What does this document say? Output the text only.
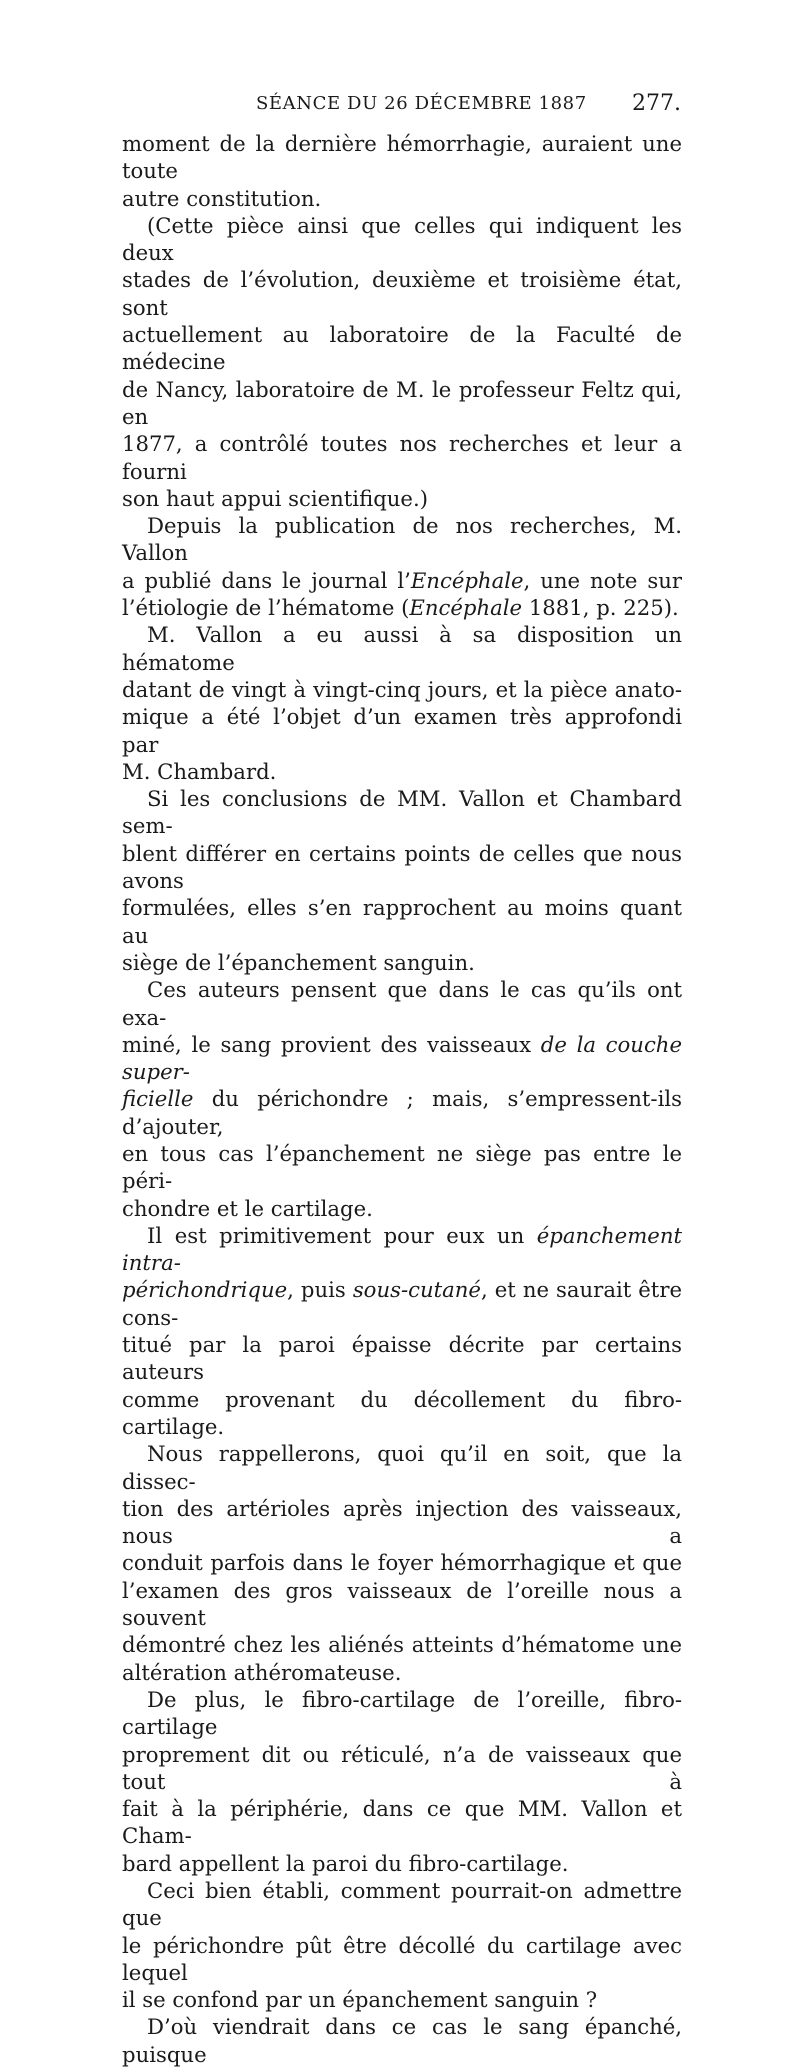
SÉANCE DU 26 DÉCEMBRE 1887 277.

moment de la dernière hémorrhagie, auraient une toute

autre constitution.

(Cette pièce ainsi que celles qui indiquent les deux

stades de l’évolution, deuxième et troisième état, sont

actuellement au laboratoire de la Faculté de médecine

de Nancy, laboratoire de M. le professeur Feltz qui, en

1877, a contrôlé toutes nos recherches et leur a fourni

son haut appui scientifique.)

Depuis la publication de nos recherches, M. Vallon

a publié dans le journal l’Encéphale, une note sur

l’étiologie de l’hématome (Encéphale 1881, p. 225).

M. Vallon a eu aussi à sa disposition un hématome

datant de vingt à vingt-cinq jours, et la pièce anato-

mique a été l’objet d’un examen très approfondi par

M. Chambard.

Si les conclusions de MM. Vallon et Chambard sem-

blent différer en certains points de celles que nous avons

formulées, elles s’en rapprochent au moins quant au

siège de l’épanchement sanguin.

Ces auteurs pensent que dans le cas qu’ils ont exa-

miné, le sang provient des vaisseaux de la couche super-

ficielle du périchondre ; mais, s’empressent-ils d’ajouter,

en tous cas l’épanchement ne siège pas entre le péri-

chondre et le cartilage.

Il est primitivement pour eux un épanchement intra-

périchondrique, puis sous-cutané, et ne saurait être cons-

titué par la paroi épaisse décrite par certains auteurs

comme provenant du décollement du fibro-cartilage.

Nous rappellerons, quoi qu’il en soit, que la dissec-

tion des artérioles après injection des vaisseaux, nous a

conduit parfois dans le foyer hémorrhagique et que

l’examen des gros vaisseaux de l’oreille nous a souvent

démontré chez les aliénés atteints d’hématome une

altération athéromateuse.

De plus, le fibro-cartilage de l’oreille, fibro-cartilage

proprement dit ou réticulé, n’a de vaisseaux que tout à

fait à la périphérie, dans ce que MM. Vallon et Cham-

bard appellent la paroi du fibro-cartilage.

Ceci bien établi, comment pourrait-on admettre que

le périchondre pût être décollé du cartilage avec lequel

il se confond par un épanchement sanguin ?

D’où viendrait dans ce cas le sang épanché, puisque
